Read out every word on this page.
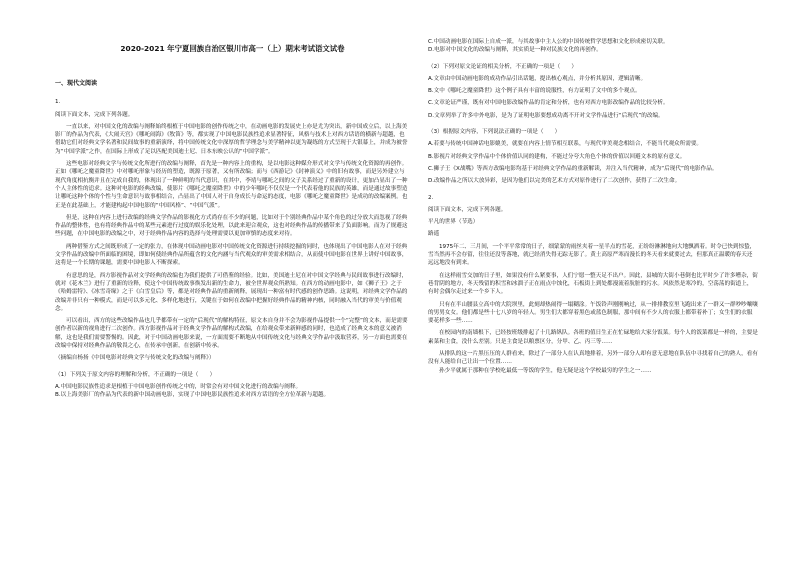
2020-2021 年宁夏回族自治区银川市高一（上）期末考试语文试卷
一、现代文阅读
1.
阅读下面文本，完成下列各题。
一直以来，对中国文化的改编与阐释始终根植于中国电影的创作传统之中，在动画电影的发展史上亦是尤为突出，新中国成立后，以上海美影厂的作品为代表，《大闹天宫》《哪吒闹海》《牧笛》等，都实现了中国电影民族性追求显著特征，风格与技术上对西方话语的横新与超越，也借助它们对经典文学名著和民间故事的重新演绎，将中国传统文化中深厚的哲学理念与美学精神以更为凝练的方式呈现于大银幕上，并成为被誉为“中国学派”之作，在国际上形成了足以匹配美国迪士尼、日本东映公认的“中国学派”。
这些电影对经典文学与传统文化所进行的改编与阐释，首先是一种内容上的重构，是以电影这种媒介形式对文学与传统文化资源的再创作。正如《哪吒之魔童降世》中对哪吒形象与经历的塑造，既源于原著，又有所改编；而与《西游记》《封神演义》中的旧有故事，而是另外建立与现代角度相抗衡并且在完成自我的，体现出了一种鲜明的当代意识，在其中，李靖与哪吒之间的父子关系经过了重新的设计，更加凸显出了一种个人主体性的追求。这种对电影的经典改编，使影片《哪吒之魔童降世》中的少年哪吒不仅仅是一个代表着他的民族的英雄，而是通过故事塑造让哪吒这种个体的个性与生命意识与故事相结合，凸显出了中国人对于自身成长与命运的态度，电影《哪吒之魔童降世》是成功的改编案例。也正是在此基础上，才能建构起中国电影的“中国风格”、“中国气派”。
但是，这种在内容上进行改编的经典文学作品的影视化方式尚存在不少的问题，比如对于个别经典作品中某个角色的过分放大而忽视了经典作品的整体性，也有将经典作品中的某些元素进行过度的娱乐化处理，以此来迎合观众，这也对经典作品的传播带来了负面影响。而为了规避这些问题，在中国电影的改编之中，对于经典作品内容的选择与处理需要以更加审慎的态度来对待。
两种借鉴方式之间既形成了一定的张力，在体现中国动画电影对中国传统文化资源进行持续挖掘的同时，也体现出了中国电影人在对于经典文学作品的改编中所面临的困境，即如何使经典作品所蕴含的文化内涵与当代观众的审美需求相结合，从而使中国电影在世界上讲好中国故事，这将是一个长期的课题，需要中国电影人不断探索。
有意思的是，西方影视作品对文学经典的改编也为我们提供了可借鉴的经验。比如，美国迪士尼在对中国文学经典与民间故事进行改编时，就对《花木兰》进行了重新的诠释，使这个中国传统故事焕发出新的生命力，被全世界观众所熟知。在西方的动画电影中，如《狮子王》之于《哈姆雷特》、《冰雪奇缘》之于《白雪皇后》等，都是对经典作品的重新阐释，展现出一种富有时代感的创作思路。这说明，对经典文学作品的改编并非只有一种模式，而是可以多元化、多样化地进行，关键在于如何在改编中把握好经典作品的精神内核，同时融入当代的审美与价值观念。
可以看出，西方的这些改编作品也几乎都带有一定的“后现代”的解构特征，原文本自身并不会为影视作品提供一个“完整”的文本，而是需要创作者以新的视角进行二次创作。西方影视作品对于经典文学作品的解构式改编，在给观众带来新鲜感的同时，也造成了经典文本的意义被消解，这也是我们需要警惕的。因此，对于中国动画电影来说，一方面需要不断地从中国传统文化与经典文学作品中汲取营养，另一方面也需要在改编中保持对经典作品的敬畏之心，在传承中创新，在创新中传承。
（摘编自杨扬《中国电影对经典文学与传统文化的改编与阐释》）
（1）下列关于原文内容的理解和分析，不正确的一项是（　　）
A.中国电影民族性追求是根植于中国电影创作传统之中的，时常会有对中国文化进行的改编与阐释。
B.以上海美影厂的作品为代表的新中国动画电影，实现了中国电影民族性追求对西方话语的全方位革新与超越。
C.中国动画电影在国际上自成一派，与其故事中主人公的中国传统哲学思想和文化形成密切关联。
D.电影对中国文化的改编与阐释，其实质是一种对民族文化的再创作。
（2）下列对原文论证的相关分析，不正确的一项是（　　）
A.文章由中国动画电影的成功作品引出话题，提出核心观点，并分析其原因，逻辑清晰。
B.文中《哪吒之魔童降世》这个例子具有丰富的说服性，有力证明了文中的多个观点。
C.文章论证严谨，既有对中国电影改编作品的肯定和分析，也有对西方电影改编作品的比较分析。
D.文章列举了许多中外电影，是为了证明电影要想成功离不开对文学作品进行“后现代”的改编。
（3）根据原文内容，下列说法正确的一项是（　　）
A.若要与传统中国神话电影媲美，就要在内容上情节相互联系，与现代审美观念相结合，不能当代观众所需要。
B.影视片对经典文学作品中个体价值认同的建构，不能过分夸大角色个体的价值以回避文本的原有意义。
C.狮子王《X战嘴》等西方改编电影均基于对经典文学作品的重新解读，并注入当代精神，成为“后现代”的电影作品。
D.改编作品之所以大放异彩，是因为他们以完美的艺术方式对原作进行了二次创作，获得了二次生命。
2.
阅读下面文本，完成下列各题。
平凡的世界（节选）
路遥
1975年二、三月间，一个平平常常的日子，细蒙蒙的雨丝夹着一星半点的雪花，正纷纷淋淋地向大地飘洒着。时令已快到惊蛰，雪当然再不会存留，往往还没等落地，就已经消失得无踪无影了。黄土高原严寒而漫长的冬天看来就要过去，但那真正温暖的春天还远远地没有到来。
在这样雨雪交加的日子里，如果没有什么紧要事，人们宁愿一整天足不出户。因此，县城的大街小巷倒也比平时少了许多嘈杂，街巷背阴的地方，冬天残留的积雪和冰溜子正在雨点中蚀化，石板街上到处都漫流着肮脏的污水。风依然是寒冷的，空荡荡的街道上，有时会偶尔走过来一个乡下人。
只有在半山腰县立高中的大院坝里，此刻却热闹得一塌糊涂。午饭铃声刚刚响过，从一排排教室里飞跑出来了一群又一群吵吵嚷嚷的男男女女。他们都是些十七八岁的年轻人。男生们大都穿着黑色或蓝色制服，那中间有不少人的衣服上都带着补丁；女生们的衣服要花样多一些……
在校园内的南墙根下，已经按班级排起了十几路纵队。各班的值日生正在忙碌地给大家分饭菜。每个人的饭菜都是一样的，主要是素菜和主食，没什么差别。只是主食是以粮票区分，分甲、乙、丙三等……
从排队的这一片黑压压的人群看来，除过了一部分人在认真地排着，另外一部分人却有意无意地在队伍中寻找着自己的熟人，看有没有人能给自己让出一个位置……
孙少平就属于那种在学校吃最低一等饭的学生，他无疑是这个学校最穷的学生之一……
